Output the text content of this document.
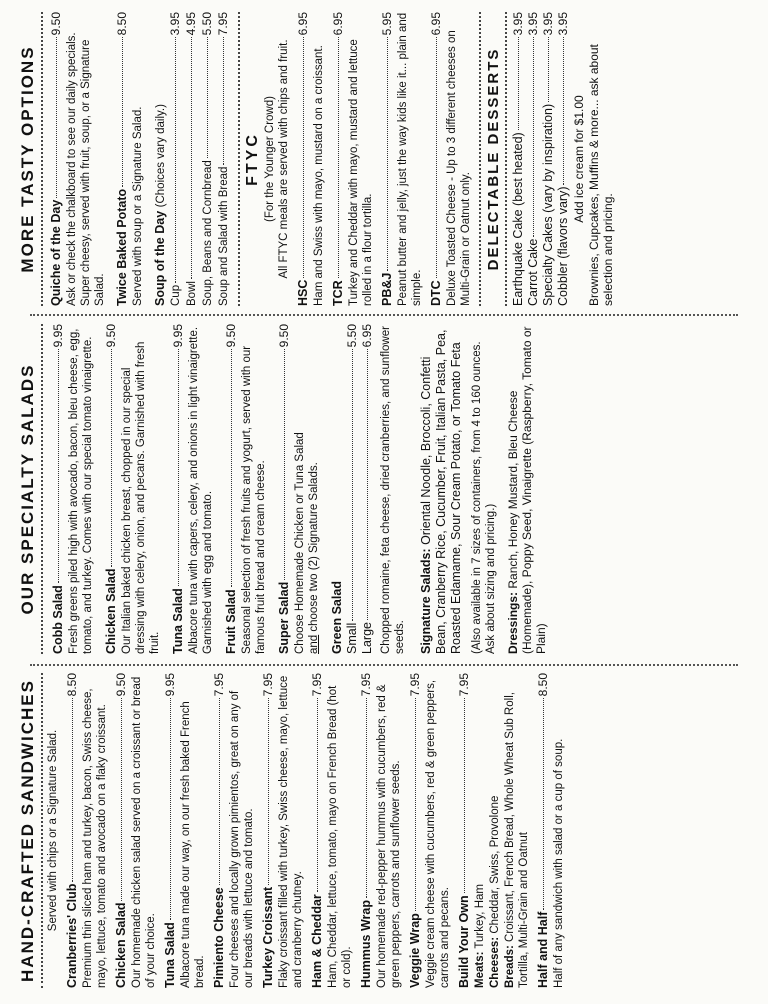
HAND-CRAFTED SANDWICHES Served with chips or a Signature Salad.
Cranberries' Club
8.50
Premium thin sliced ham and turkey, bacon, Swiss cheese, mayo, lettuce, tomato and avocado on a flaky croissant. Chicken Salad
9.50 Our homemade chicken salad served on a croissant or bread of your choice. Tuna Salad
9.95
Albacore tuna made our way, on our fresh baked French bread. Pimiento Cheese
7.95
Four cheeses and locally grown pimientos, great on any of our breads with lettuce and tomato. Turkey Croissant
7.95 Flaky croissant filled with turkey, Swiss cheese, mayo, lettuce and cranberry chutney. Ham & Cheddar
7.95
Ham, Cheddar, lettuce, tomato, mayo on French Bread (hot or cold). Hummus Wrap
7.95 Our homemade red-pepper hummus with cucumbers, red & green peppers, carrots and sunflower seeds. Veggie Wrap
7.95 Veggie cream cheese with cucumbers, red & green peppers, carrots and pecans. Build Your Own
7.95
Meats: Turkey, Ham
Cheeses: Cheddar, Swiss, Provolone
Breads: Croissant, French Bread, Whole Wheat Sub Roll, Tortilla, Multi-Grain and Oatnut Half and Half
8.50
Half of any sandwich with salad or a cup of soup.
OUR SPECIALTY SALADS
Cobb Salad
9.95 Fresh greens piled high with avocado, bacon, bleu cheese, egg, tomato, and turkey. Comes with our special tomato vinaigrette. Chicken Salad
9.50
Our Italian baked chicken breast, chopped in our special dressing with celery, onion, and pecans. Garnished with fresh fruit. Tuna Salad
9.95 Albacore tuna with capers, celery, and onions in light vinaigrette. Garnished with egg and tomato. Fruit Salad
9.50
Seasonal selection of fresh fruits and yogurt, served with our famous fruit bread and cream cheese. Super Salad
9.50
Choose Homemade Chicken or Tuna Salad and choose two (2) Signature Salads. Green Salad Small
5.50
Large
6.95 Chopped romaine, feta cheese, dried cranberries, and sunflower seeds. Signature Salads: Oriental Noodle, Broccoli, Confetti Bean, Cranberry Rice, Cucumber, Fruit, Italian Pasta, Pea, Roasted Edamame, Sour Cream Potato, or Tomato Feta (Also available in 7 sizes of containers, from 4 to 160 ounces. Ask about sizing and pricing.) Dressings: Ranch, Honey Mustard, Bleu Cheese (Homemade), Poppy Seed, Vinaigrette (Raspberry, Tomato or Plain)
MORE TASTY OPTIONS Quiche of the Day
9.50
Ask or check the chalkboard to see our daily specials. Super cheesy, served with fruit, soup, or a Signature Salad. Twice Baked Potato
8.50
Served with soup or a Signature Salad. Soup of the Day

(Choices vary daily.)
Cup
3.95
Bowl
4.95
Soup, Beans and Cornbread
5.50
Soup and Salad with Bread
7.95
FTYC (For the Younger Crowd) All FTYC meals are served with chips and fruit.
HSC
6.95
Ham and Swiss with mayo, mustard on a croissant. TCR
6.95
Turkey and Cheddar with mayo, mustard and lettuce rolled in a flour tortilla. PB&J
5.95 Peanut butter and jelly, just the way kids like it... plain and simple. DTC
6.95
Deluxe Toasted Cheese - Up to 3 different cheeses on Multi-Grain or Oatnut only. DELECTABLE DESSERTS Earthquake Cake (best heated)
3.95
Carrot Cake
3.95
Specialty Cakes (vary by inspiration)
3.95
Cobbler (flavors vary)
3.95
Add ice cream for $1.00 Brownies, Cupcakes, Muffins & more... ask about selection and pricing.
